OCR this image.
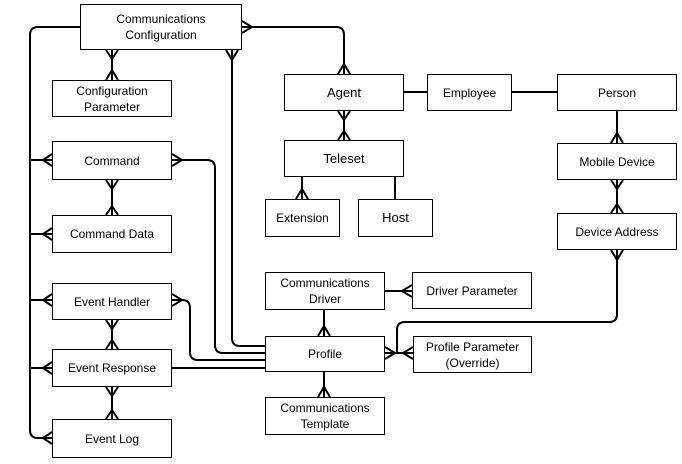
Communications
Configuration
Configuration
Parameter
Command
Command Data
Event Handler
Event Response
Event Log
Agent	Employee	Person
Teleset
Extension	Host
Mobile Device
Device Address
Communications
Driver
Driver Parameter
Profile
Profile Parameter
(Override)
Communications
Template
